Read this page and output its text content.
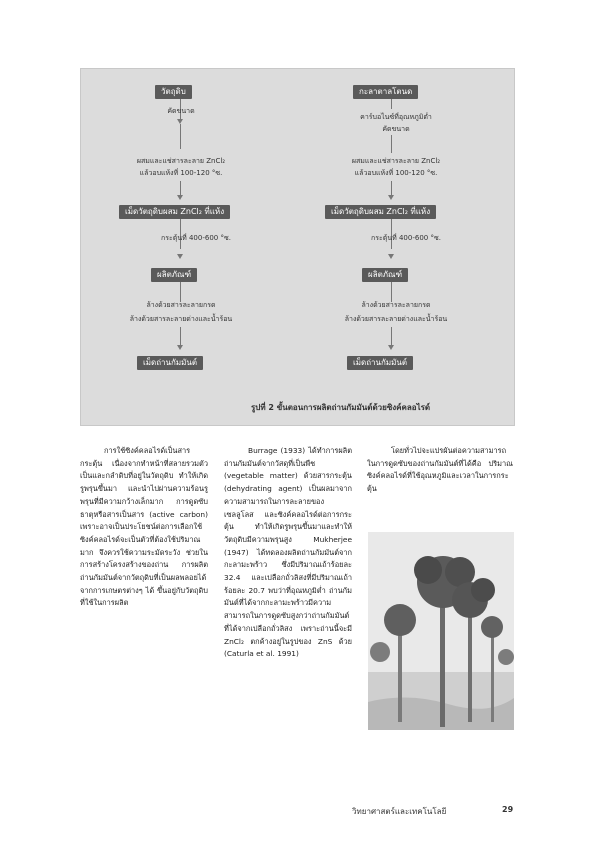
วัตถุดิบ
คัดขนาด
ผสมและแช่สารละลาย ZnCl₂
แล้วอบแห้งที่ 100-120 °ซ.
เม็ดวัตถุดิบผสม ZnCl₂ ที่แห้ง
กระตุ้นที่ 400-600 °ซ.
ผลิตภัณฑ์
ล้างด้วยสารละลายกรด
ล้างด้วยสารละลายด่างและน้ำร้อน
เม็ดถ่านกัมมันต์
กะลาตาลโตนด
คาร์บอไนซ์ที่อุณหภูมิต่ำ
คัดขนาด
ผสมและแช่สารละลาย ZnCl₂
แล้วอบแห้งที่ 100-120 °ซ.
เม็ดวัตถุดิบผสม ZnCl₂ ที่แห้ง
กระตุ้นที่ 400-600 °ซ.
ผลิตภัณฑ์
ล้างด้วยสารละลายกรด
ล้างด้วยสารละลายด่างและน้ำร้อน
เม็ดถ่านกัมมันต์
รูปที่ 2 ขั้นตอนการผลิตถ่านกัมมันต์ด้วยซิงค์คลอไรด์
การใช้ซิงค์คลอไรด์เป็นสารกระตุ้น เนื่องจากทำหน้าที่สลายรวมตัวเป็นและกลำดิบที่อยู่ในวัตถุดิบ ทำให้เกิดรูพรุนขึ้นมา และนำไปผ่านความร้อนรูพรุนที่มีความกว้างเล็กมาก การดูดซับธาตุหรือสารเป็นสาร (active carbon) เพราะอาจเป็นประโยชน์ต่อการเลือกใช้ ซิงค์คลอไรด์จะเป็นตัวที่ต้องใช้ปริมาณมาก จึงควรใช้ความระมัดระวัง ช่วยในการสร้างโครงสร้างของถ่าน การผลิตถ่านกัมมันต์จากวัตถุดิบที่เป็นผลพลอยได้จากการเกษตรต่างๆ ได้ ขึ้นอยู่กับวัตถุดิบที่ใช้ในการผลิต
Burrage (1933) ได้ทำการผลิตถ่านกัมมันต์จากวัสดุที่เป็นพืช (vegetable matter) ด้วยสารกระตุ้น (dehydrating agent) เป็นผลมาจากความสามารถในการละลายของเซลลูโลส และซิงค์คลอไรด์ต่อการกระตุ้น ทำให้เกิดรูพรุนขึ้นมาและทำให้วัตถุดิบมีความพรุนสูง Mukherjee (1947) ได้ทดลองผลิตถ่านกัมมันต์จากกะลามะพร้าว ซึ่งมีปริมาณเถ้าร้อยละ 32.4 และเปลือกถั่วลิสงที่มีปริมาณเถ้าร้อยละ 20.7 พบว่าที่อุณหภูมิต่ำ ถ่านกัมมันต์ที่ได้จากกะลามะพร้าวมีความสามารถในการดูดซับสูงกว่าถ่านกัมมันต์ที่ได้จากเปลือกถั่วลิสง เพราะถ่านนี้จะมี ZnCl₂ ตกค้างอยู่ในรูปของ ZnS ด้วย (Caturla et al. 1991)
โดยทั่วไปจะแปรผันต่อความสามารถในการดูดซับของถ่านกัมมันต์ที่ได้คือ ปริมาณซิงค์คลอไรด์ที่ใช้อุณหภูมิและเวลาในการกระตุ้น
วิทยาศาสตร์และเทคโนโลยี	29
